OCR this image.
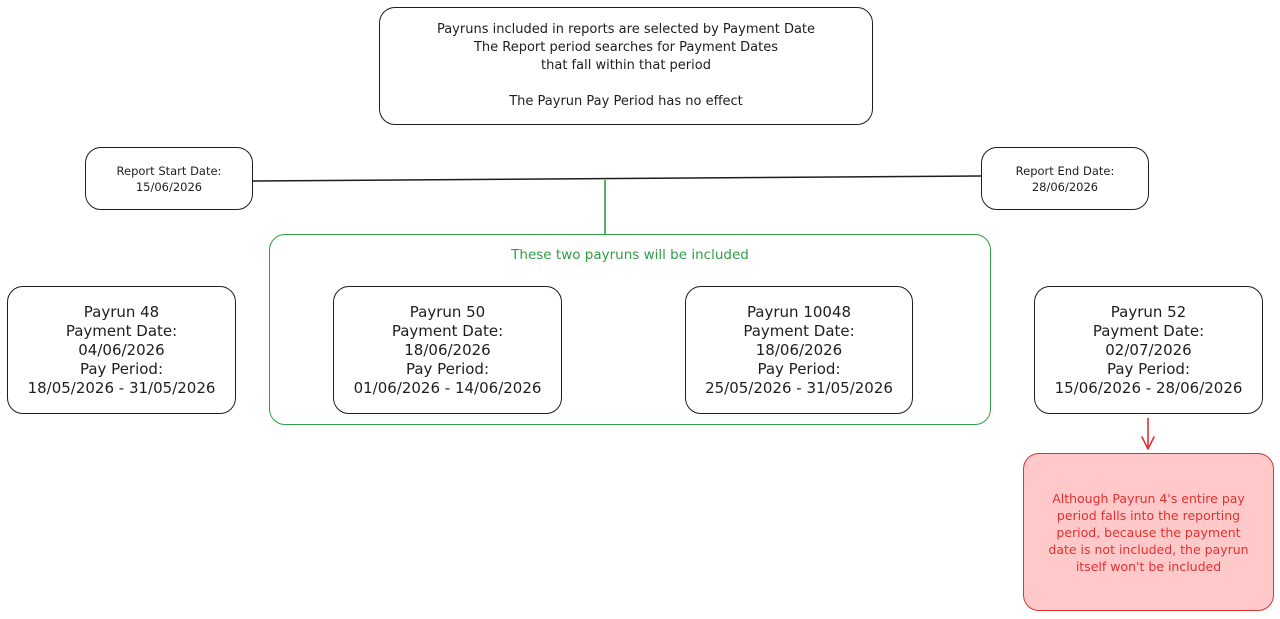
Payruns included in reports are selected by Payment Date
The Report period searches for Payment Dates
that fall within that period
The Payrun Pay Period has no effect
Report Start Date:
15/06/2026
Report End Date:
28/06/2026
These two payruns will be included
Payrun 48
Payment Date:
04/06/2026
Pay Period:
18/05/2026 - 31/05/2026
Payrun 50
Payment Date:
18/06/2026
Pay Period:
01/06/2026 - 14/06/2026
Payrun 10048
Payment Date:
18/06/2026
Pay Period:
25/05/2026 - 31/05/2026
Payrun 52
Payment Date:
02/07/2026
Pay Period:
15/06/2026 - 28/06/2026
Although Payrun 4's entire pay
period falls into the reporting
period, because the payment
date is not included, the payrun
itself won't be included
